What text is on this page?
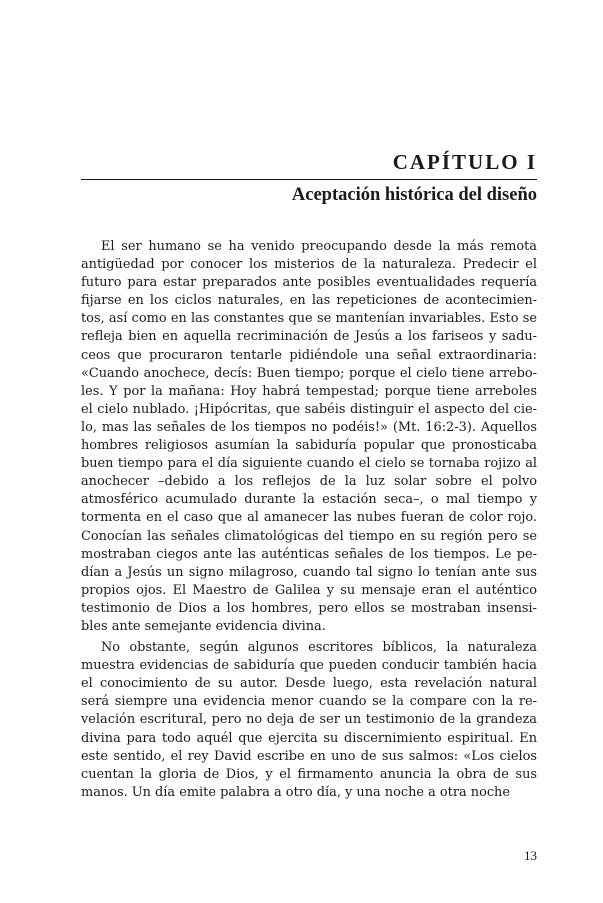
CAPÍTULO I

Aceptación histórica del diseño

El ser humano se ha venido preocupando desde la más remota antigüedad por conocer los misterios de la naturaleza. Predecir el futuro para estar preparados ante posibles eventualidades requería fijarse en los ciclos naturales, en las repeticiones de acontecimientos, así como en las constantes que se mantenían invariables. Esto se refleja bien en aquella recriminación de Jesús a los fariseos y saduceos que procuraron tentarle pidiéndole una señal extraordinaria: «Cuando anochece, decís: Buen tiempo; porque el cielo tiene arreboles. Y por la mañana: Hoy habrá tempestad; porque tiene arreboles el cielo nublado. ¡Hipócritas, que sabéis distinguir el aspecto del cielo, mas las señales de los tiempos no podéis!» (Mt. 16:2-3). Aquellos hombres religiosos asumían la sabiduría popular que pronosticaba buen tiempo para el día siguiente cuando el cielo se tornaba rojizo al anochecer –debido a los reflejos de la luz solar sobre el polvo atmosférico acumulado durante la estación seca–, o mal tiempo y tormenta en el caso que al amanecer las nubes fueran de color rojo. Conocían las señales climatológicas del tiempo en su región pero se mostraban ciegos ante las auténticas señales de los tiempos. Le pedían a Jesús un signo milagroso, cuando tal signo lo tenían ante sus propios ojos. El Maestro de Galilea y su mensaje eran el auténtico testimonio de Dios a los hombres, pero ellos se mostraban insensibles ante semejante evidencia divina.

No obstante, según algunos escritores bíblicos, la naturaleza muestra evidencias de sabiduría que pueden conducir también hacia el conocimiento de su autor. Desde luego, esta revelación natural será siempre una evidencia menor cuando se la compare con la revelación escritural, pero no deja de ser un testimonio de la grandeza divina para todo aquél que ejercita su discernimiento espiritual. En este sentido, el rey David escribe en uno de sus salmos: «Los cielos cuentan la gloria de Dios, y el firmamento anuncia la obra de sus manos. Un día emite palabra a otro día, y una noche a otra noche

13
